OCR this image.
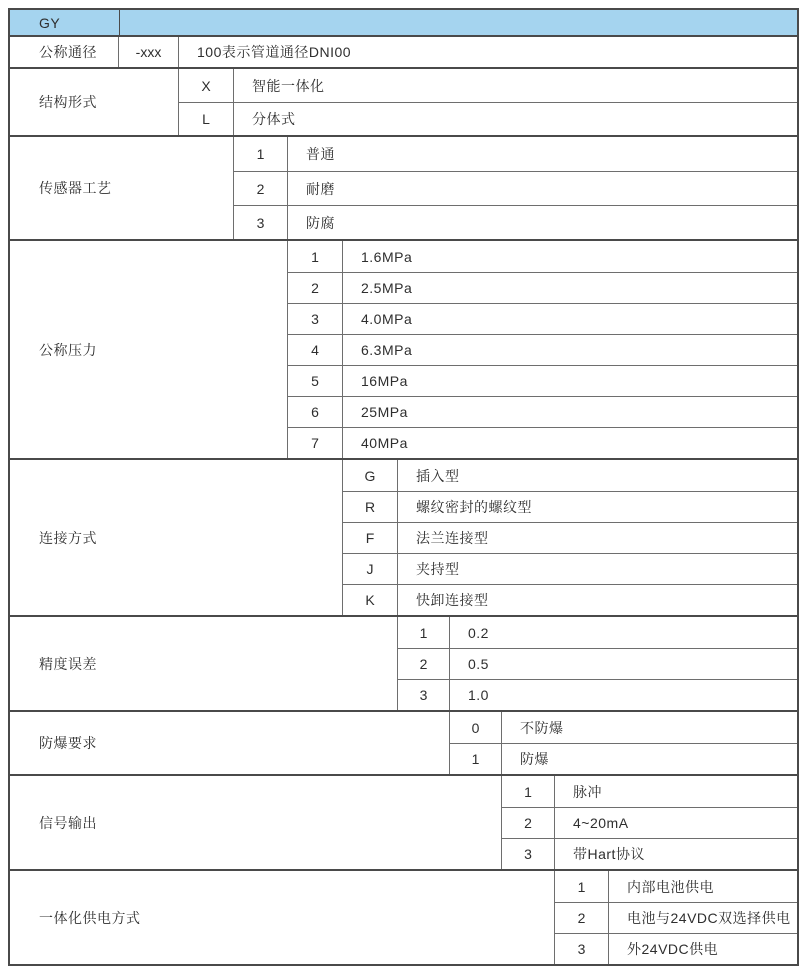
GY
公称通径	-xxx	100表示管道通径DNI00
结构形式
X	智能一体化
L	分体式
传感器工艺
1	普通
2	耐磨
3	防腐
公称压力
1	1.6MPa
2	2.5MPa
3	4.0MPa
4	6.3MPa
5	16MPa
6	25MPa
7	40MPa
连接方式
G	插入型
R	螺纹密封的螺纹型
F	法兰连接型
J	夹持型
K	快卸连接型
精度误差
1	0.2
2	0.5
3	1.0
防爆要求
0	不防爆
1	防爆
信号输出
1	脉冲
2	4~20mA
3	带Hart协议
一体化供电方式
1	内部电池供电
2	电池与24VDC双选择供电
3	外24VDC供电
